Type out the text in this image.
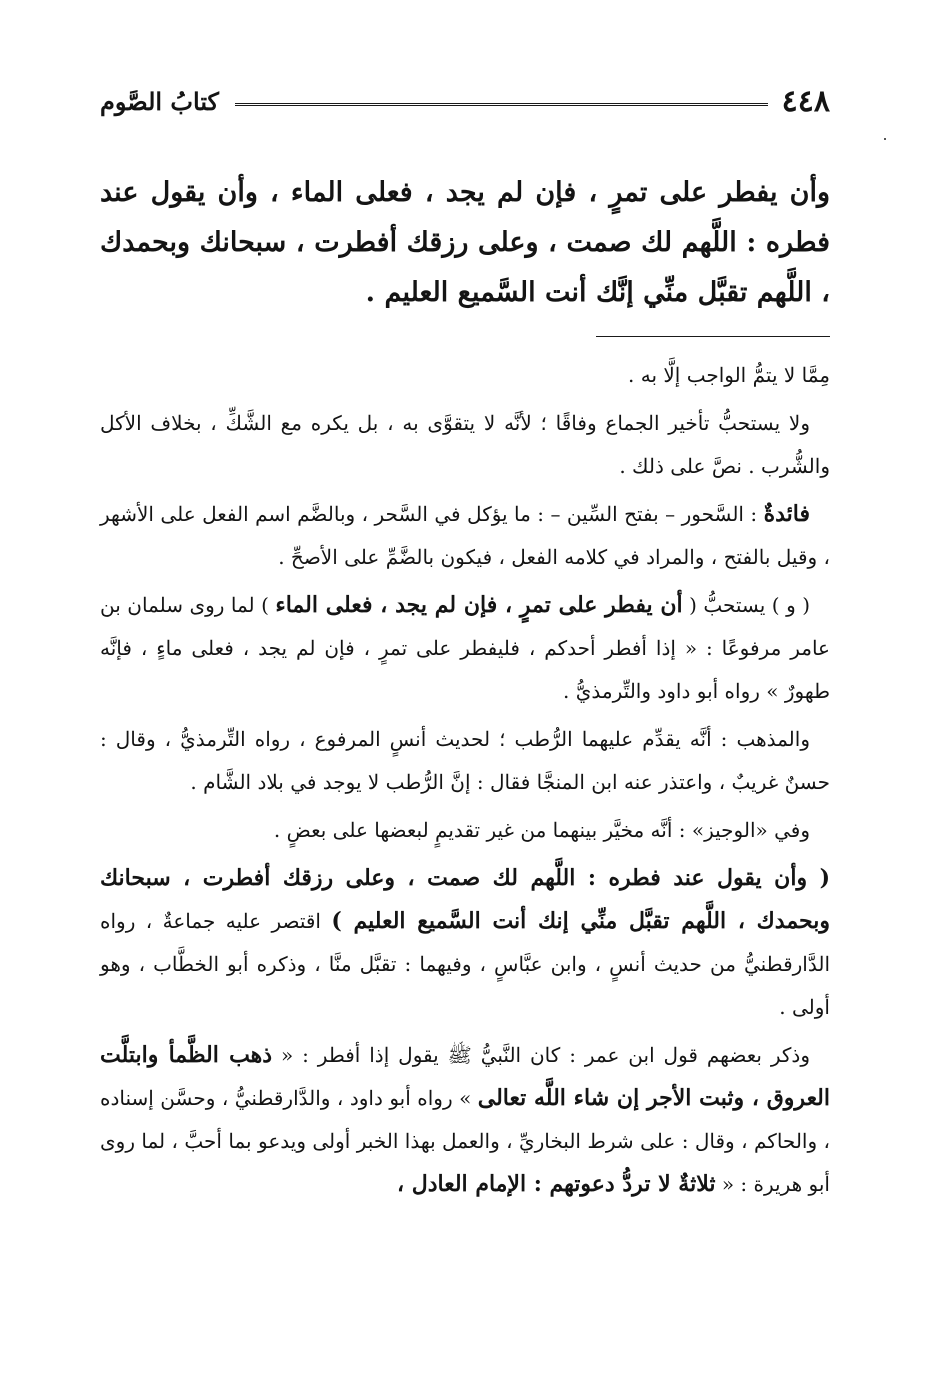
٤٤٨
كتابُ الصَّوم

وأن يفطر على تمرٍ ، فإن لم يجد ، فعلى الماء ، وأن يقول عند فطره : اللَّهم لك صمت ، وعلى رزقك أفطرت ، سبحانك وبحمدك ، اللَّهم تقبَّل منِّي إنَّك أنت السَّميع العليم .

مِمَّا لا يتمُّ الواجب إلَّا به .

ولا يستحبُّ تأخير الجماع وفاقًا ؛ لأنَّه لا يتقوَّى به ، بل يكره مع الشَّكِّ ، بخلاف الأكل والشُّرب . نصَّ على ذلك .

فائدةٌ : السَّحور – بفتح السِّين – : ما يؤكل في السَّحر ، وبالضَّم اسم الفعل على الأشهر ، وقيل بالفتح ، والمراد في كلامه الفعل ، فيكون بالضَّمِّ على الأصحِّ .

( و ) يستحبُّ ( أن يفطر على تمرٍ ، فإن لم يجد ، فعلى الماء ) لما روى سلمان بن عامر مرفوعًا : « إذا أفطر أحدكم ، فليفطر على تمرٍ ، فإن لم يجد ، فعلى ماءٍ ، فإنَّه طهورٌ » رواه أبو داود والتِّرمذيُّ .

والمذهب : أنَّه يقدِّم عليهما الرُّطب ؛ لحديث أنسٍ المرفوع ، رواه التِّرمذيُّ ، وقال : حسنٌ غريبٌ ، واعتذر عنه ابن المنجَّا فقال : إنَّ الرُّطب لا يوجد في بلاد الشَّام .

وفي «الوجيز» : أنَّه مخيَّر بينهما من غير تقديمٍ لبعضها على بعضٍ .

( وأن يقول عند فطره : اللَّهم لك صمت ، وعلى رزقك أفطرت ، سبحانك وبحمدك ، اللَّهم تقبَّل منِّي إنك أنت السَّميع العليم ) اقتصر عليه جماعةٌ ، رواه الدَّارقطنيُّ من حديث أنسٍ ، وابن عبَّاسٍ ، وفيهما : تقبَّل منَّا ، وذكره أبو الخطَّاب ، وهو أولى .

وذكر بعضهم قول ابن عمر : كان النَّبيُّ ﷺ يقول إذا أفطر : « ذهب الظَّمأ وابتلَّت العروق ، وثبت الأجر إن شاء اللَّه تعالى » رواه أبو داود ، والدَّارقطنيُّ ، وحسَّن إسناده ، والحاكم ، وقال : على شرط البخاريِّ ، والعمل بهذا الخبر أولى ويدعو بما أحبَّ ، لما روى أبو هريرة : « ثلاثةٌ لا تردُّ دعوتهم : الإمام العادل ،
